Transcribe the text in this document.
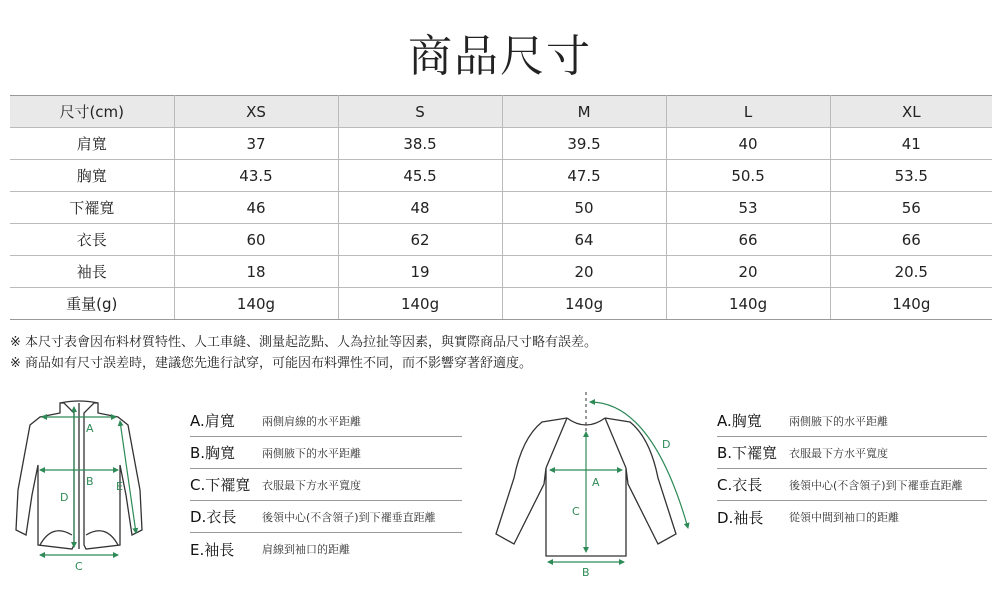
商品尺寸
尺寸(cm)	XS	S	M	L	XL
肩寬	37	38.5	39.5	40	41
胸寬	43.5	45.5	47.5	50.5	53.5
下襬寬	46	48	50	53	56
衣長	60	62	64	66	66
袖長	18	19	20	20	20.5
重量(g)	140g	140g	140g	140g	140g
※ 本尺寸表會因布料材質特性、人工車縫、測量起訖點、人為拉扯等因素，與實際商品尺寸略有誤差。
※ 商品如有尺寸誤差時，建議您先進行試穿，可能因布料彈性不同，而不影響穿著舒適度。
A
B
C
D
E
A.肩寬	兩側肩線的水平距離
B.胸寬	兩側腋下的水平距離
C.下襬寬	衣服最下方水平寬度
D.衣長	後領中心(不含領子)到下襬垂直距離
E.袖長	肩線到袖口的距離
A
B
C
D
A.胸寬	兩側腋下的水平距離
B.下襬寬	衣服最下方水平寬度
C.衣長	後領中心(不含領子)到下襬垂直距離
D.袖長	從領中間到袖口的距離
